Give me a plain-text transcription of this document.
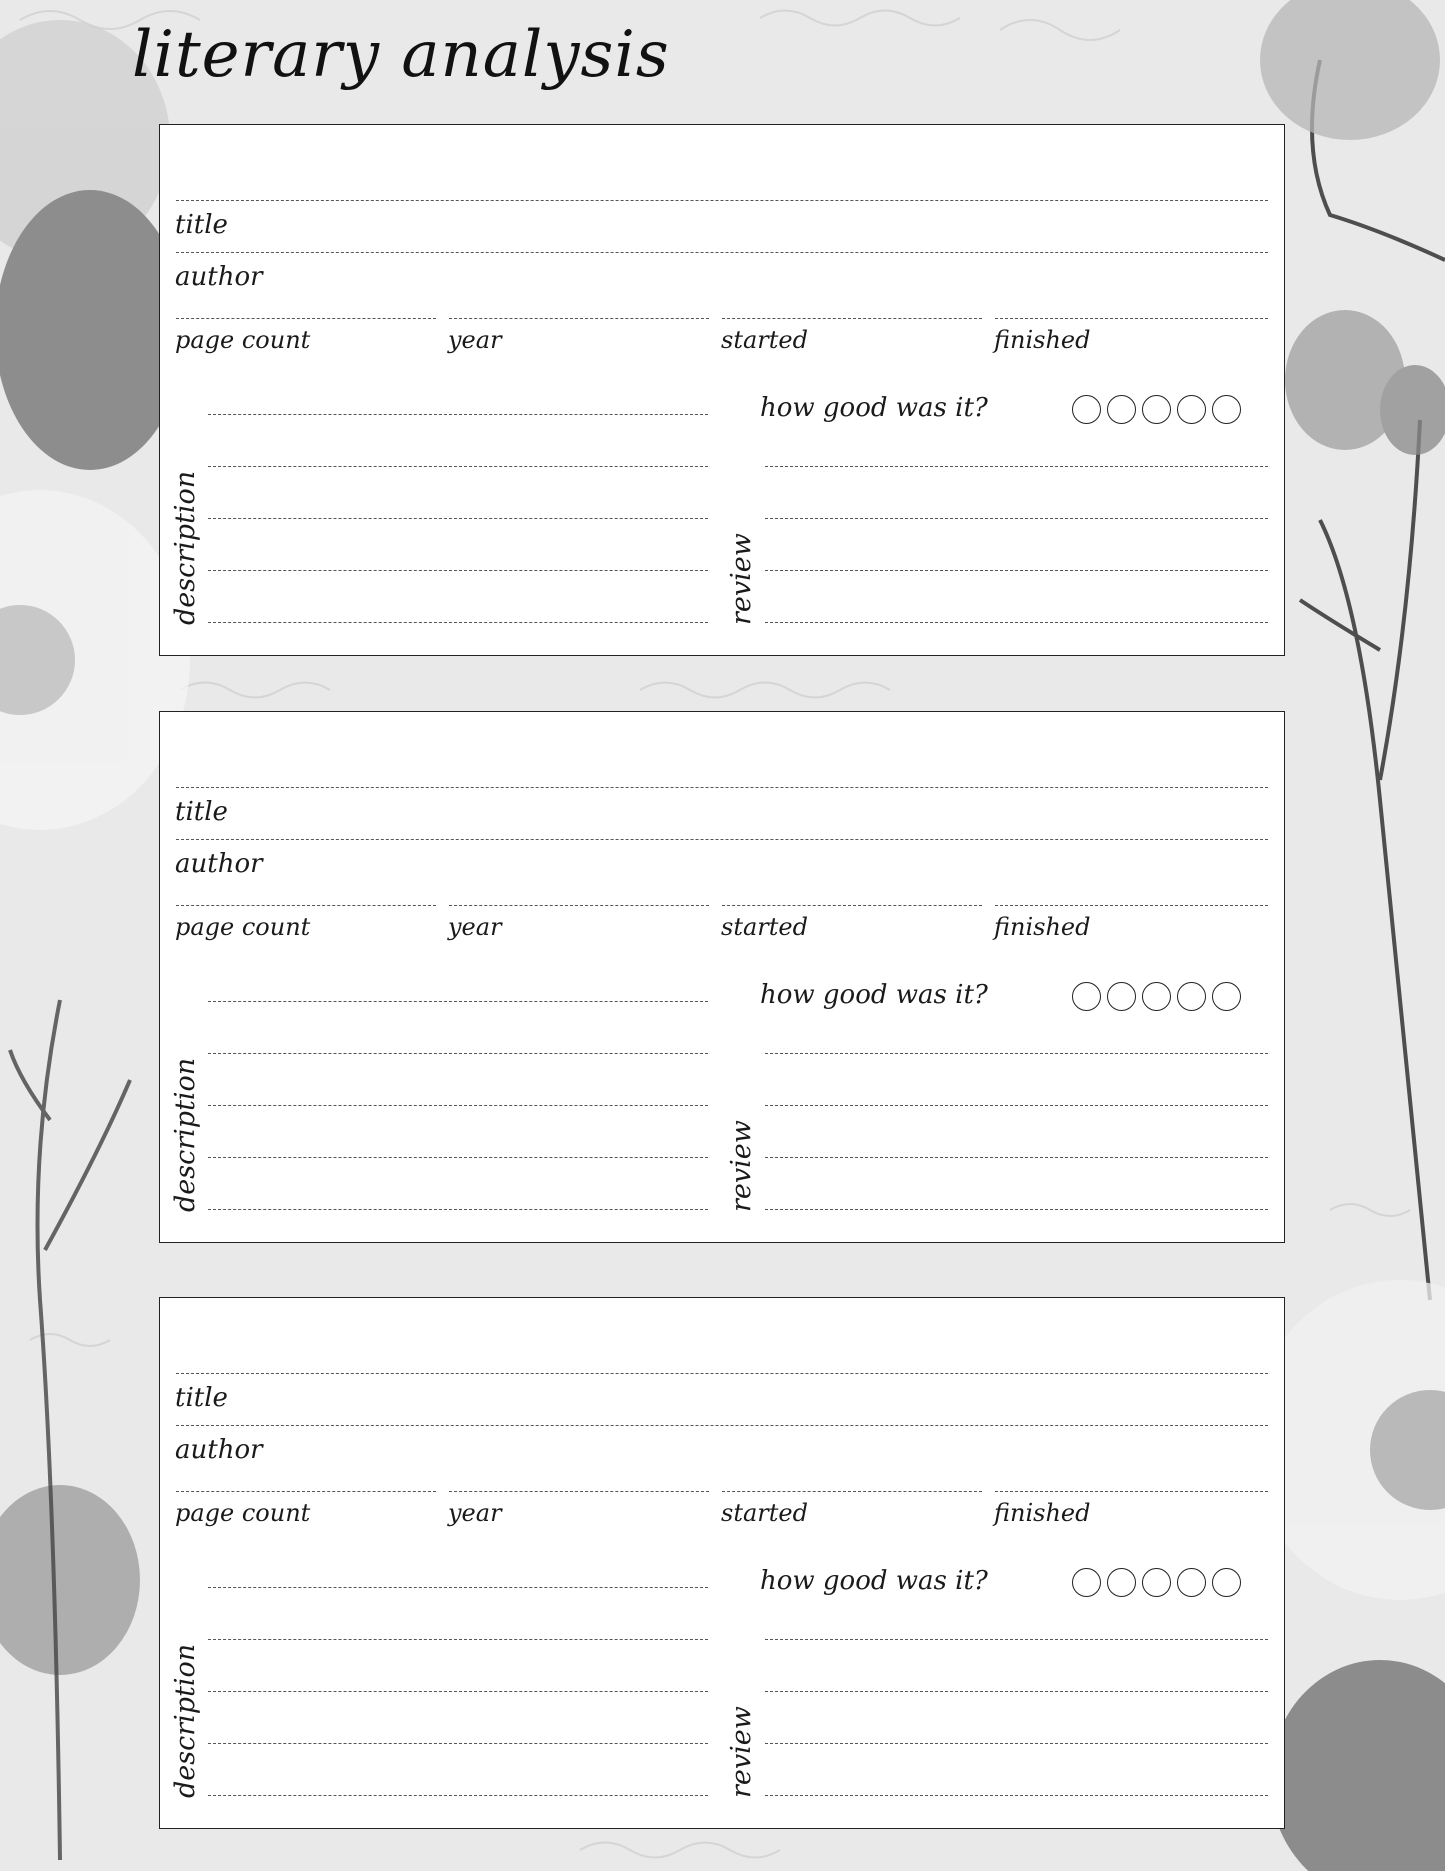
literary analysis
title
author
page count	year	started	finished
description
how good was it?
review
title
author
page count	year	started	finished
description
how good was it?
review
title
author
page count	year	started	finished
description
how good was it?
review
